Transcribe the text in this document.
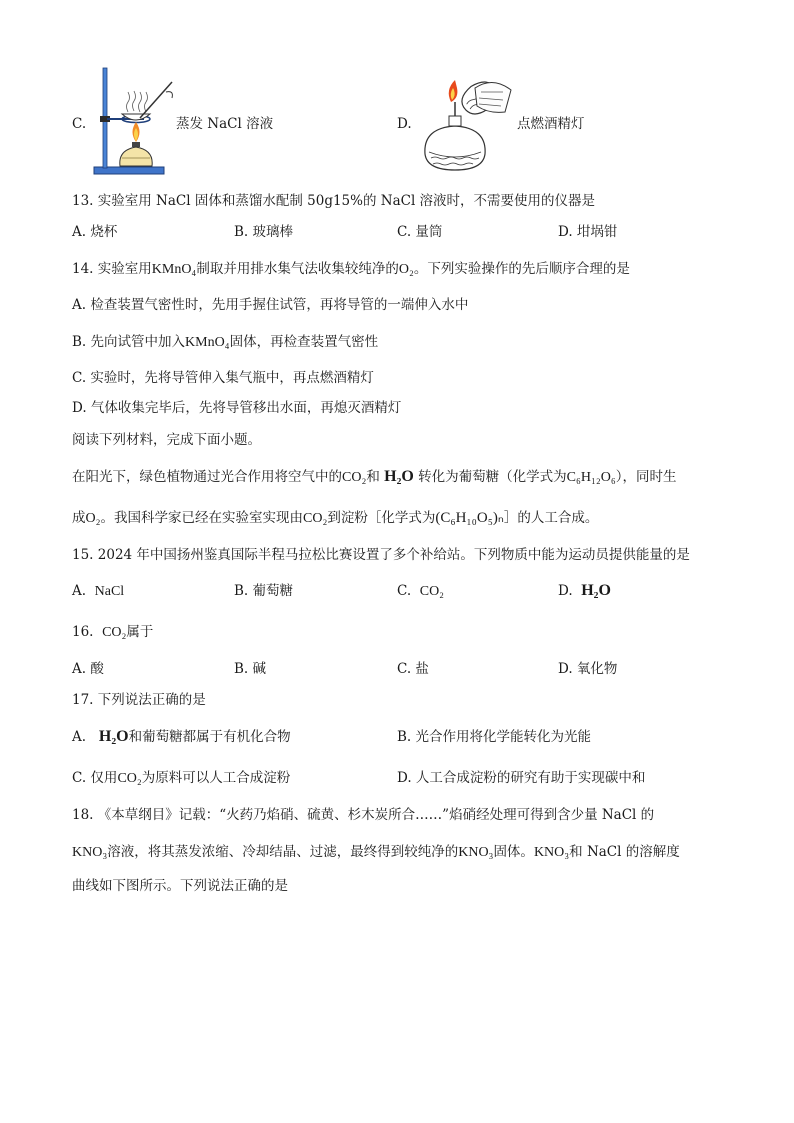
C.	蒸发 NaCl 溶液	D.	点燃酒精灯
13. 实验室用 NaCl 固体和蒸馏水配制 50g15%的 NaCl 溶液时，不需要使用的仪器是
A. 烧杯	B. 玻璃棒	C. 量筒	D. 坩埚钳
14. 实验室用KMnO₄制取并用排水集气法收集较纯净的O₂。下列实验操作的先后顺序合理的是
A. 检查装置气密性时，先用手握住试管，再将导管的一端伸入水中
B. 先向试管中加入KMnO₄固体，再检查装置气密性
C. 实验时，先将导管伸入集气瓶中，再点燃酒精灯
D. 气体收集完毕后，先将导管移出水面，再熄灭酒精灯
阅读下列材料，完成下面小题。
在阳光下，绿色植物通过光合作用将空气中的CO₂和 H₂O 转化为葡萄糖（化学式为C₆H₁₂O₆），同时生
成O₂。我国科学家已经在实验室实现由CO₂到淀粉［化学式为(C₆H₁₀O₅)ₙ］的人工合成。
15. 2024 年中国扬州鉴真国际半程马拉松比赛设置了多个补给站。下列物质中能为运动员提供能量的是
A. NaCl	B. 葡萄糖	C. CO₂	D. H₂O
16. CO₂属于
A. 酸	B. 碱	C. 盐	D. 氧化物
17. 下列说法正确的是
A. H₂O和葡萄糖都属于有机化合物	B. 光合作用将化学能转化为光能
C. 仅用CO₂为原料可以人工合成淀粉	D. 人工合成淀粉的研究有助于实现碳中和
18. 《本草纲目》记载：“火药乃焰硝、硫黄、杉木炭所合……”焰硝经处理可得到含少量 NaCl 的
KNO₃溶液，将其蒸发浓缩、冷却结晶、过滤，最终得到较纯净的KNO₃固体。KNO₃和 NaCl 的溶解度
曲线如下图所示。下列说法正确的是
